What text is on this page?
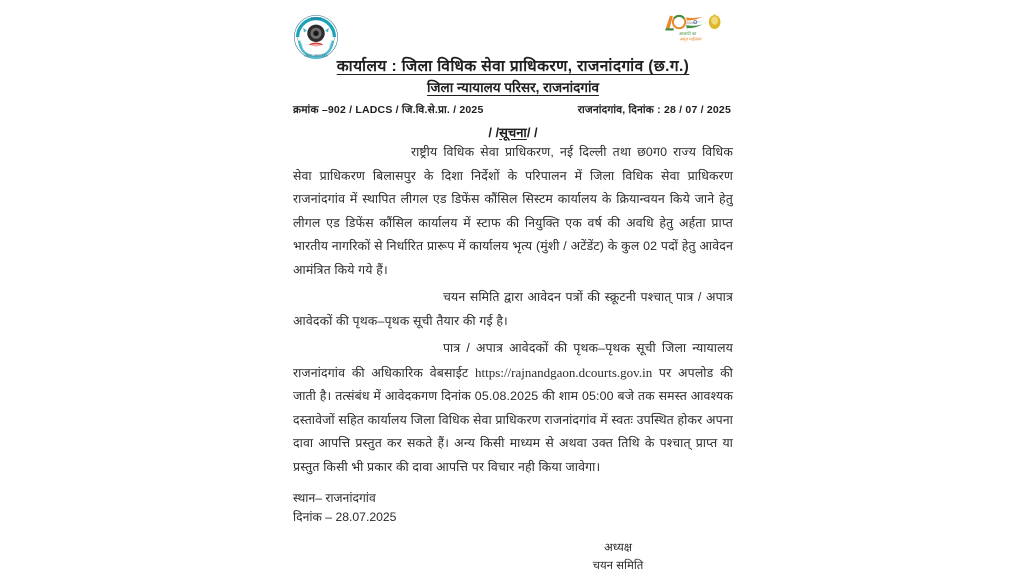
NALSA
LEGAL SERVICES
आज़ादी का
अमृत महोत्सव
कार्यालय : जिला विधिक सेवा प्राधिकरण, राजनांदगांव (छ.ग.)
जिला न्यायालय परिसर, राजनांदगांव
क्रमांक –902 / LADCS / जि.वि.से.प्रा. / 2025	राजनांदगांव, दिनांक : 28 / 07 / 2025
/ /सूचना/ /

राष्ट्रीय विधिक सेवा प्राधिकरण, नई दिल्ली तथा छ0ग0 राज्य विधिक सेवा प्राधिकरण बिलासपुर के दिशा निर्देशों के परिपालन में जिला विधिक सेवा प्राधिकरण राजनांदगांव में स्थापित लीगल एड डिफेंस कौंसिल सिस्टम कार्यालय के क्रियान्वयन किये जाने हेतु लीगल एड डिफेंस कौंसिल कार्यालय में स्टाफ की नियुक्ति एक वर्ष की अवधि हेतु अर्हता प्राप्त भारतीय नागरिकों से निर्धारित प्रारूप में कार्यालय भृत्य (मुंशी / अटेंडेंट) के कुल 02 पदों हेतु आवेदन आमंत्रित किये गये हैं।

चयन समिति द्वारा आवेदन पत्रों की स्क्रूटनी पश्चात् पात्र / अपात्र आवेदकों की पृथक–पृथक सूची तैयार की गई है।

पात्र / अपात्र आवेदकों की पृथक–पृथक सूची जिला न्यायालय राजनांदगांव की अधिकारिक वेबसाईट https://rajnandgaon.dcourts.gov.in पर अपलोड की जाती है। तत्संबंध में आवेदकगण दिनांक 05.08.2025 की शाम 05:00 बजे तक समस्त आवश्यक दस्तावेजों सहित कार्यालय जिला विधिक सेवा प्राधिकरण राजनांदगांव में स्वतः उपस्थित होकर अपना दावा आपत्ति प्रस्तुत कर सकते हैं। अन्य किसी माध्यम से अथवा उक्त तिथि के पश्चात् प्राप्त या प्रस्तुत किसी भी प्रकार की दावा आपत्ति पर विचार नही किया जावेगा।

स्थान– राजनांदगांव
दिनांक – 28.07.2025
अध्यक्ष
चयन समिति
